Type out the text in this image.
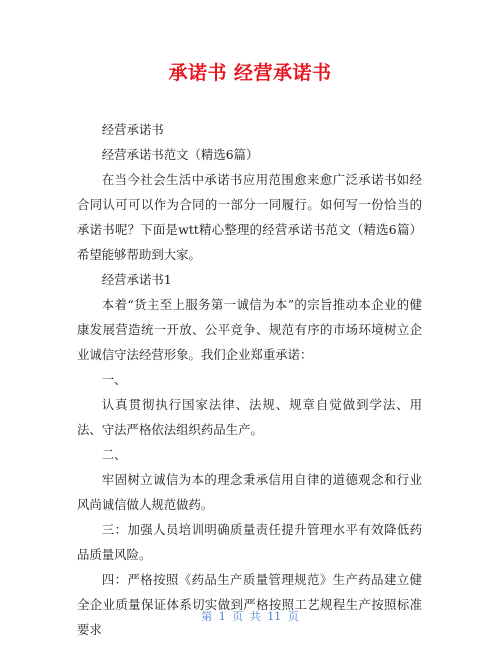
承诺书 经营承诺书

经营承诺书

经营承诺书范文（精选6篇）

在当今社会生活中承诺书应用范围愈来愈广泛承诺书如经合同认可可以作为合同的一部分一同履行。如何写一份恰当的承诺书呢？下面是wtt精心整理的经营承诺书范文（精选6篇）希望能够帮助到大家。

经营承诺书1

本着“货主至上服务第一诚信为本”的宗旨推动本企业的健康发展营造统一开放、公平竞争、规范有序的市场环境树立企业诚信守法经营形象。我们企业郑重承诺：

一、

认真贯彻执行国家法律、法规、规章自觉做到学法、用法、守法严格依法组织药品生产。

二、

牢固树立诚信为本的理念秉承信用自律的道德观念和行业风尚诚信做人规范做药。

三：加强人员培训明确质量责任提升管理水平有效降低药品质量风险。

四：严格按照《药品生产质量管理规范》生产药品建立健全企业质量保证体系切实做到严格按照工艺规程生产按照标准要求

第 1 页 共 11 页
